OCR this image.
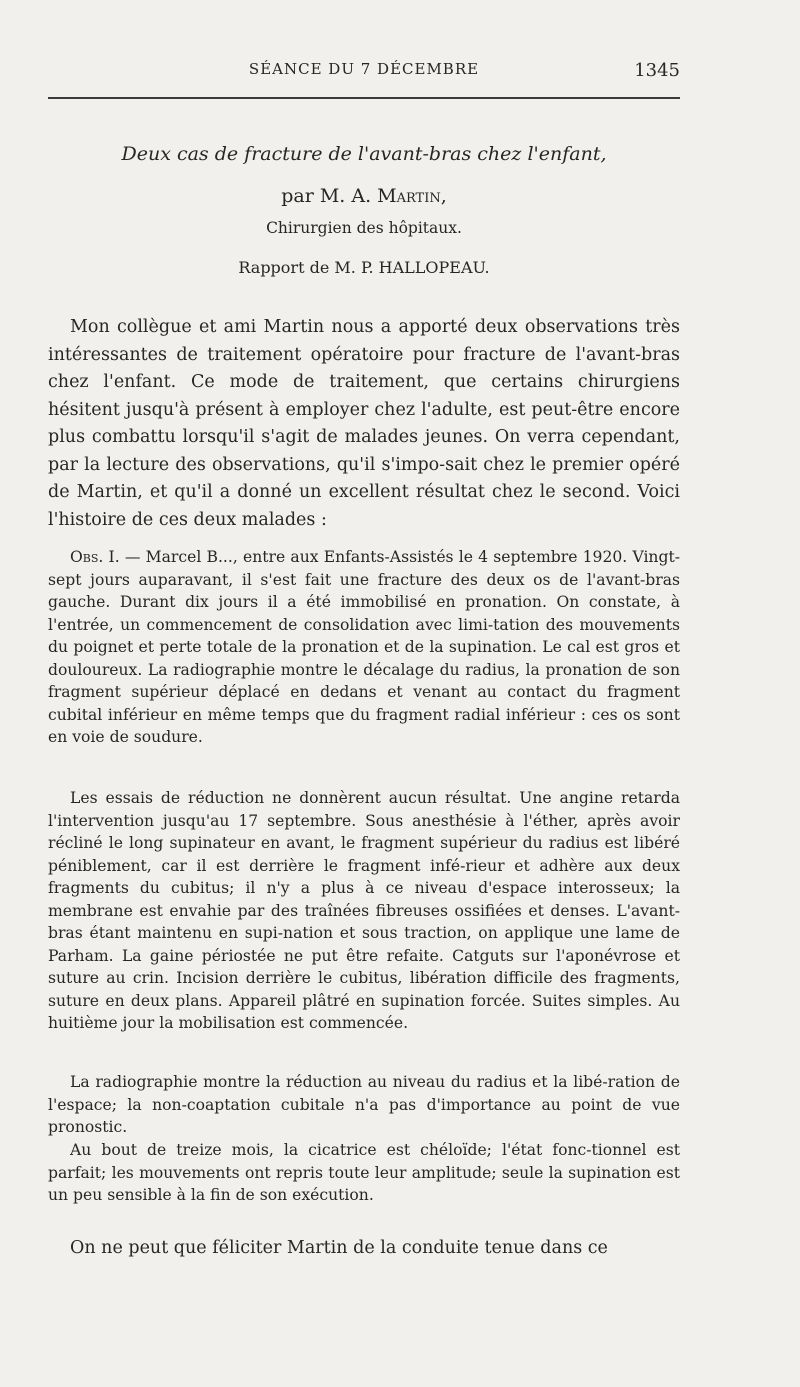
SÉANCE DU 7 DÉCEMBRE	1345
Deux cas de fracture de l'avant-bras chez l'enfant,
par M. A. Martin,
Chirurgien des hôpitaux.
Rapport de M. P. HALLOPEAU.

Mon collègue et ami Martin nous a apporté deux observations très intéressantes de traitement opératoire pour fracture de l'avant-bras chez l'enfant. Ce mode de traitement, que certains chirurgiens hésitent jusqu'à présent à employer chez l'adulte, est peut-être encore plus combattu lorsqu'il s'agit de malades jeunes. On verra cependant, par la lecture des observations, qu'il s'impo-sait chez le premier opéré de Martin, et qu'il a donné un excellent résultat chez le second. Voici l'histoire de ces deux malades :

Obs. I. — Marcel B..., entre aux Enfants-Assistés le 4 septembre 1920. Vingt-sept jours auparavant, il s'est fait une fracture des deux os de l'avant-bras gauche. Durant dix jours il a été immobilisé en pronation. On constate, à l'entrée, un commencement de consolidation avec limi-tation des mouvements du poignet et perte totale de la pronation et de la supination. Le cal est gros et douloureux. La radiographie montre le décalage du radius, la pronation de son fragment supérieur déplacé en dedans et venant au contact du fragment cubital inférieur en même temps que du fragment radial inférieur : ces os sont en voie de soudure.

Les essais de réduction ne donnèrent aucun résultat. Une angine retarda l'intervention jusqu'au 17 septembre. Sous anesthésie à l'éther, après avoir récliné le long supinateur en avant, le fragment supérieur du radius est libéré péniblement, car il est derrière le fragment infé-rieur et adhère aux deux fragments du cubitus; il n'y a plus à ce niveau d'espace interosseux; la membrane est envahie par des traînées fibreuses ossifiées et denses. L'avant-bras étant maintenu en supi-nation et sous traction, on applique une lame de Parham. La gaine périostée ne put être refaite. Catguts sur l'aponévrose et suture au crin. Incision derrière le cubitus, libération difficile des fragments, suture en deux plans. Appareil plâtré en supination forcée. Suites simples. Au huitième jour la mobilisation est commencée.

La radiographie montre la réduction au niveau du radius et la libé-ration de l'espace; la non-coaptation cubitale n'a pas d'importance au point de vue pronostic.

Au bout de treize mois, la cicatrice est chéloïde; l'état fonc-tionnel est parfait; les mouvements ont repris toute leur amplitude; seule la supination est un peu sensible à la fin de son exécution.

On ne peut que féliciter Martin de la conduite tenue dans ce
